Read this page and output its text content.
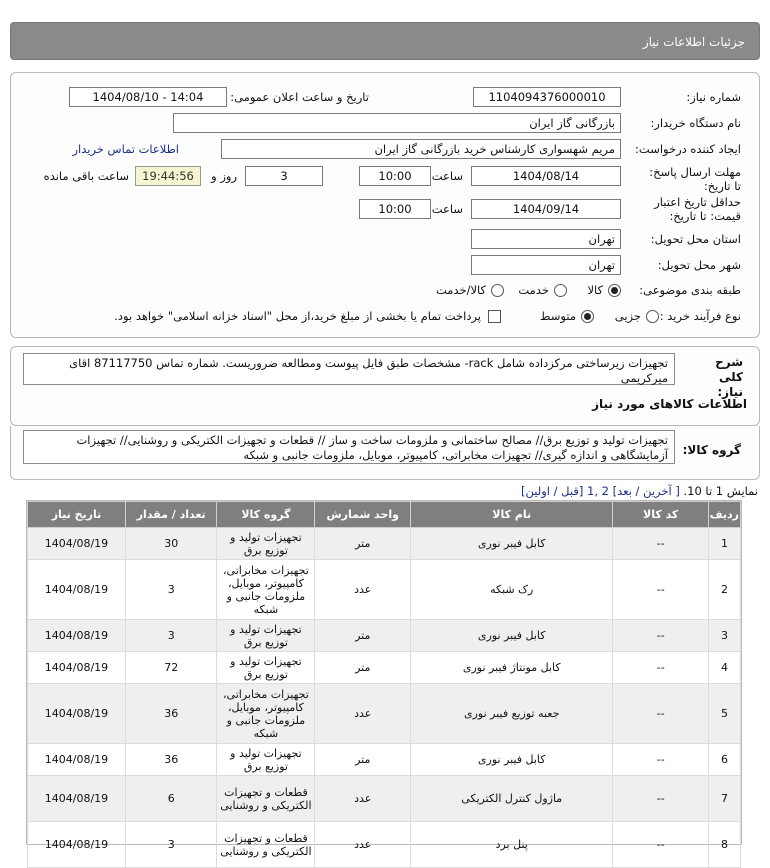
جزئیات اطلاعات نیاز
شماره نیاز:
1104094376000010
تاریخ و ساعت اعلان عمومی:
1404/08/10 - 14:04
نام دستگاه خریدار:
بازرگانی گاز ایران
ایجاد کننده درخواست:
مریم شهسواری کارشناس خرید بازرگانی گاز ایران
اطلاعات تماس خریدار
مهلت ارسال پاسخ: تا تاریخ:
1404/08/14
ساعت
10:00
3
روز و
19:44:56
ساعت باقی مانده
حداقل تاریخ اعتبار قیمت: تا تاریخ:
1404/09/14
ساعت
10:00
استان محل تحویل:
تهران
شهر محل تحویل:
تهران
طبقه بندی موضوعی:
کالا
خدمت
کالا/خدمت
نوع فرآیند خرید :
جزیی
متوسط
پرداخت تمام یا بخشی از مبلغ خرید،از محل "اسناد خزانه اسلامی" خواهد بود.
شرح کلی نیاز:
تجهیزات زیرساختی مرکزداده شامل rack- مشخصات طبق فایل پیوست ومطالعه ضروریست. شماره تماس 87117750 اقای میرکریمی
اطلاعات کالاهای مورد نیاز
گروه کالا:
تجهیزات تولید و توزیع برق// مصالح ساختمانی و ملزومات ساخت و ساز // قطعات و تجهیزات الکتریکی و روشنایی// تجهیزات آزمایشگاهی و اندازه گیری// تجهیزات مخابراتی، کامپیوتر، موبایل، ملزومات جانبی و شبکه
نمایش 1 تا 10. [ آخرین / بعد] 2 ,1 [قبل / اولین]
ردیف	کد کالا	نام کالا	واحد شمارش	گروه کالا	تعداد / مقدار	تاریخ نیاز
1	--	کابل فیبر نوری	متر	تجهیزات تولید و توزیع برق	30	1404/08/19
2	--	رک شبکه	عدد	تجهیزات مخابراتی، کامپیوتر، موبایل، ملزومات جانبی و شبکه	3	1404/08/19
3	--	کابل فیبر نوری	متر	تجهیزات تولید و توزیع برق	3	1404/08/19
4	--	کابل مونتاژ فیبر نوری	متر	تجهیزات تولید و توزیع برق	72	1404/08/19
5	--	جعبه توزیع فیبر نوری	عدد	تجهیزات مخابراتی، کامپیوتر، موبایل، ملزومات جانبی و شبکه	36	1404/08/19
6	--	کابل فیبر نوری	متر	تجهیزات تولید و توزیع برق	36	1404/08/19
7	--	ماژول کنترل الکتریکی	عدد	قطعات و تجهیزات الکتریکی و روشنایی	6	1404/08/19
8	--	پنل برد	عدد	قطعات و تجهیزات الکتریکی و روشنایی	3	1404/08/19
